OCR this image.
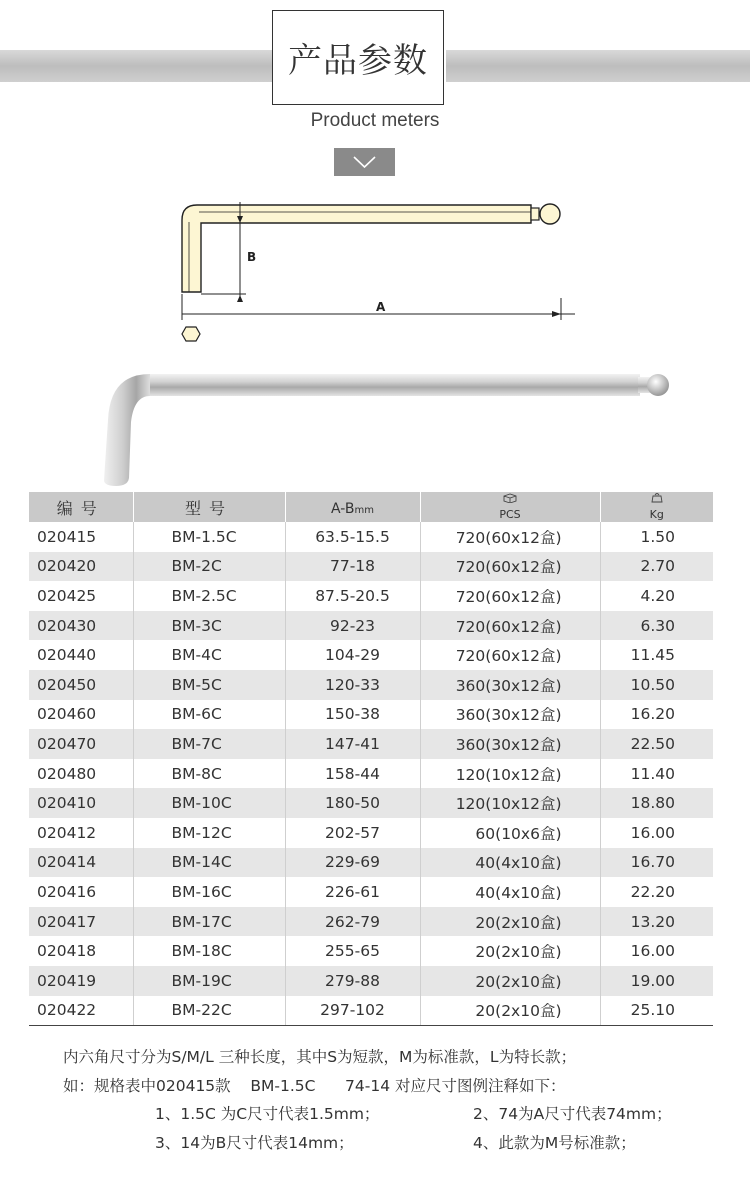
产品参数
Product meters
B
A
编号	型号	A-Bmm	PCS	Kg
020415	BM-1.5C	63.5-15.5	720(60x12盒)	1.50
020420	BM-2C	77-18	720(60x12盒)	2.70
020425	BM-2.5C	87.5-20.5	720(60x12盒)	4.20
020430	BM-3C	92-23	720(60x12盒)	6.30
020440	BM-4C	104-29	720(60x12盒)	11.45
020450	BM-5C	120-33	360(30x12盒)	10.50
020460	BM-6C	150-38	360(30x12盒)	16.20
020470	BM-7C	147-41	360(30x12盒)	22.50
020480	BM-8C	158-44	120(10x12盒)	11.40
020410	BM-10C	180-50	120(10x12盒)	18.80
020412	BM-12C	202-57	60(10x6盒)	16.00
020414	BM-14C	229-69	40(4x10盒)	16.70
020416	BM-16C	226-61	40(4x10盒)	22.20
020417	BM-17C	262-79	20(2x10盒)	13.20
020418	BM-18C	255-65	20(2x10盒)	16.00
020419	BM-19C	279-88	20(2x10盒)	19.00
020422	BM-22C	297-102	20(2x10盒)	25.10
内六角尺寸分为S/M/L 三种长度，其中S为短款，M为标准款，L为特长款；
如：规格表中020415款    BM-1.5C      74-14 对应尺寸图例注释如下：
1、1.5C 为C尺寸代表1.5mm；	2、74为A尺寸代表74mm；
3、14为B尺寸代表14mm；	4、此款为M号标准款；
